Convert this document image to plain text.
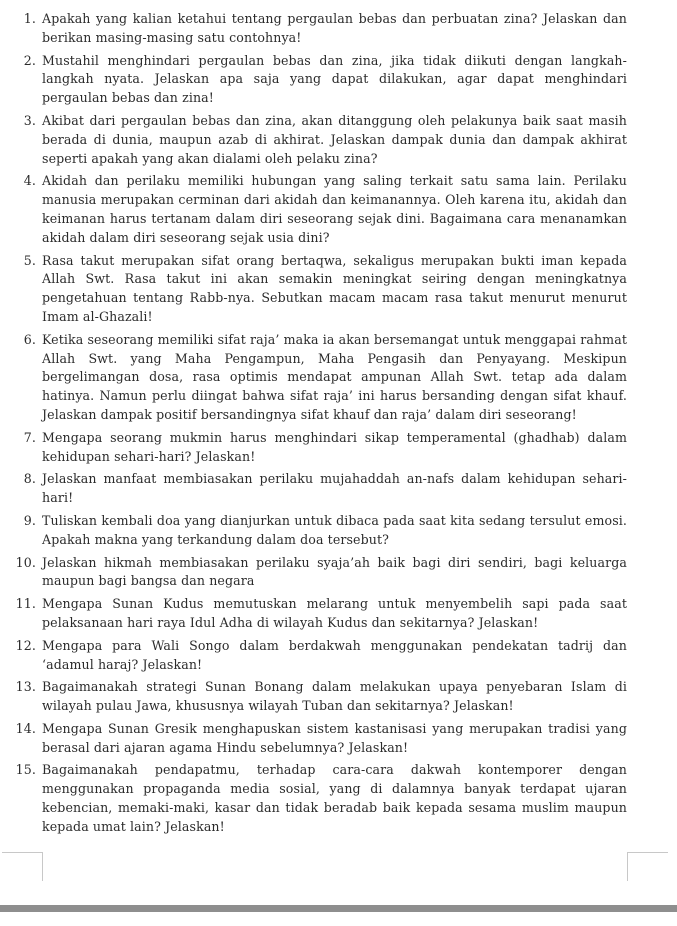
1. Apakah yang kalian ketahui tentang pergaulan bebas dan perbuatan zina? Jelaskan dan berikan masing-masing satu contohnya!
2. Mustahil menghindari pergaulan bebas dan zina, jika tidak diikuti dengan langkah-langkah nyata. Jelaskan apa saja yang dapat dilakukan, agar dapat menghindari pergaulan bebas dan zina!
3. Akibat dari pergaulan bebas dan zina, akan ditanggung oleh pelakunya baik saat masih berada di dunia, maupun azab di akhirat. Jelaskan dampak dunia dan dampak akhirat seperti apakah yang akan dialami oleh pelaku zina?
4. Akidah dan perilaku memiliki hubungan yang saling terkait satu sama lain. Perilaku manusia merupakan cerminan dari akidah dan keimanannya. Oleh karena itu, akidah dan keimanan harus tertanam dalam diri seseorang sejak dini. Bagaimana cara menanamkan akidah dalam diri seseorang sejak usia dini?
5. Rasa takut merupakan sifat orang bertaqwa, sekaligus merupakan bukti iman kepada Allah Swt. Rasa takut ini akan semakin meningkat seiring dengan meningkatnya pengetahuan tentang Rabb-nya. Sebutkan macam macam rasa takut menurut menurut Imam al-Ghazali!
6. Ketika seseorang memiliki sifat raja’ maka ia akan bersemangat untuk menggapai rahmat Allah Swt. yang Maha Pengampun, Maha Pengasih dan Penyayang. Meskipun bergelimangan dosa, rasa optimis mendapat ampunan Allah Swt. tetap ada dalam hatinya. Namun perlu diingat bahwa sifat raja’ ini harus bersanding dengan sifat khauf. Jelaskan dampak positif bersandingnya sifat khauf dan raja’ dalam diri seseorang!
7. Mengapa seorang mukmin harus menghindari sikap temperamental (ghadhab) dalam kehidupan sehari-hari? Jelaskan!
8. Jelaskan manfaat membiasakan perilaku mujahaddah an-nafs dalam kehidupan sehari-hari!
9. Tuliskan kembali doa yang dianjurkan untuk dibaca pada saat kita sedang tersulut emosi. Apakah makna yang terkandung dalam doa tersebut?
10. Jelaskan hikmah membiasakan perilaku syaja’ah baik bagi diri sendiri, bagi keluarga maupun bagi bangsa dan negara
11. Mengapa Sunan Kudus memutuskan melarang untuk menyembelih sapi pada saat pelaksanaan hari raya Idul Adha di wilayah Kudus dan sekitarnya? Jelaskan!
12. Mengapa para Wali Songo dalam berdakwah menggunakan pendekatan tadrij dan ‘adamul haraj? Jelaskan!
13. Bagaimanakah strategi Sunan Bonang dalam melakukan upaya penyebaran Islam di wilayah pulau Jawa, khususnya wilayah Tuban dan sekitarnya? Jelaskan!
14. Mengapa Sunan Gresik menghapuskan sistem kastanisasi yang merupakan tradisi yang berasal dari ajaran agama Hindu sebelumnya? Jelaskan!
15. Bagaimanakah pendapatmu, terhadap cara-cara dakwah kontemporer dengan menggunakan propaganda media sosial, yang di dalamnya banyak terdapat ujaran kebencian, memaki-maki, kasar dan tidak beradab baik kepada sesama muslim maupun kepada umat lain? Jelaskan!
